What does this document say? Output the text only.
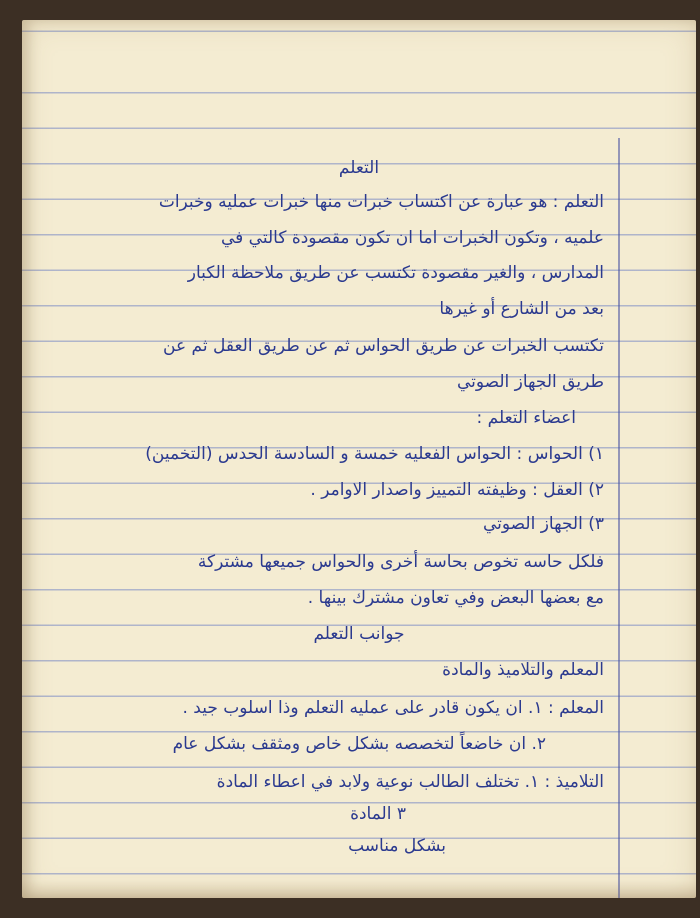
التعلم
التعلم : هو عبارة عن اكتساب خبرات منها خبرات عمليه وخبرات
علميه ، وتكون الخبرات اما ان تكون مقصودة كالتي في
المدارس ، والغير مقصودة تكتسب عن طريق ملاحظة الكبار
بعد من الشارع أو غيرها
تكتسب الخبرات عن طريق الحواس ثم عن طريق العقل ثم عن
طريق الجهاز الصوتي
اعضاء التعلم :
١) الحواس : الحواس الفعليه خمسة و السادسة الحدس (التخمين)
٢) العقل : وظيفته التمييز واصدار الاوامر .
٣) الجهاز الصوتي
فلكل حاسه تخوص بحاسة أخرى والحواس جميعها مشتركة
مع بعضها البعض وفي تعاون مشترك بينها .
جوانب التعلم
المعلم والتلاميذ والمادة
المعلم : ١. ان يكون قادر على عمليه التعلم وذا اسلوب جيد .
٢. ان خاضعاً لتخصصه بشكل خاص ومثقف بشكل عام
التلاميذ : ١. تختلف الطالب نوعية ولابد في اعطاء المادة
٣ المادة
بشكل مناسب
